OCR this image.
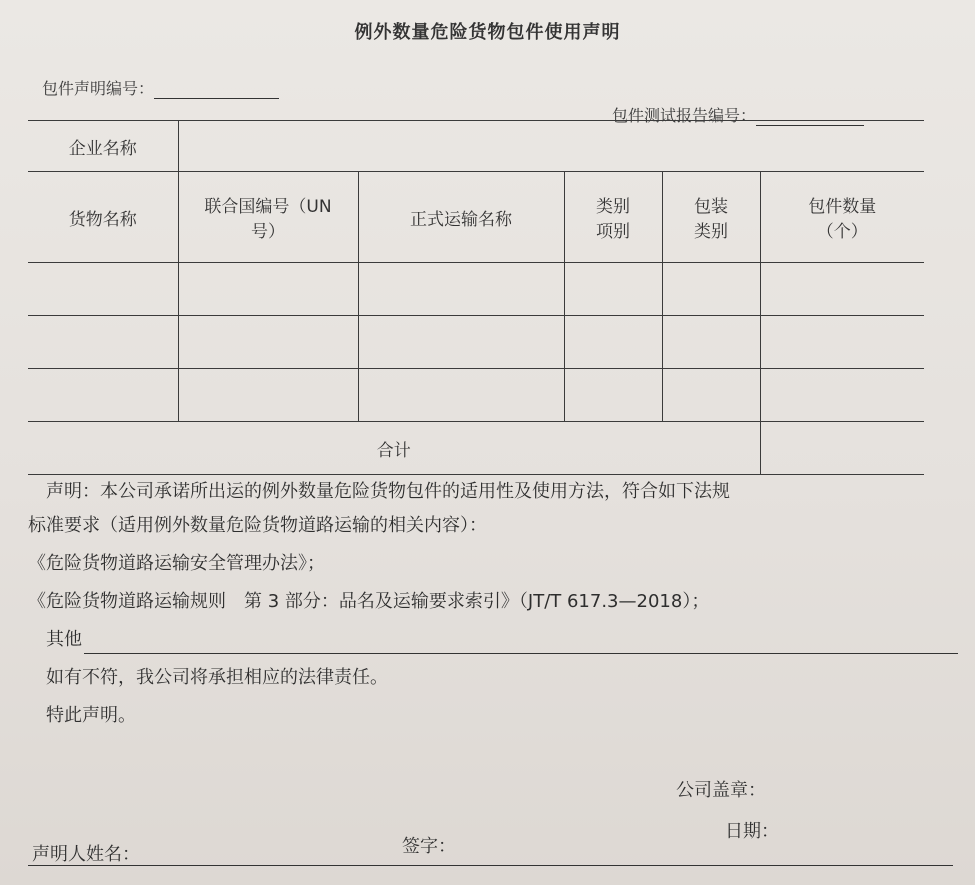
例外数量危险货物包件使用声明
包件声明编号：
包件测试报告编号：
企业名称					
货物名称	联合国编号（UN 号）	正式运输名称	类别项别	包装类别	包件数量（个）

合计					

声明：本公司承诺所出运的例外数量危险货物包件的适用性及使用方法，符合如下法规

标准要求（适用例外数量危险货物道路运输的相关内容）：

《危险货物道路运输安全管理办法》；

《危险货物道路运输规则　第 3 部分：品名及运输要求索引》（JT/T 617.3—2018）；

其他

如有不符，我公司将承担相应的法律责任。

特此声明。

公司盖章：
日期：
声明人姓名：	签字：
